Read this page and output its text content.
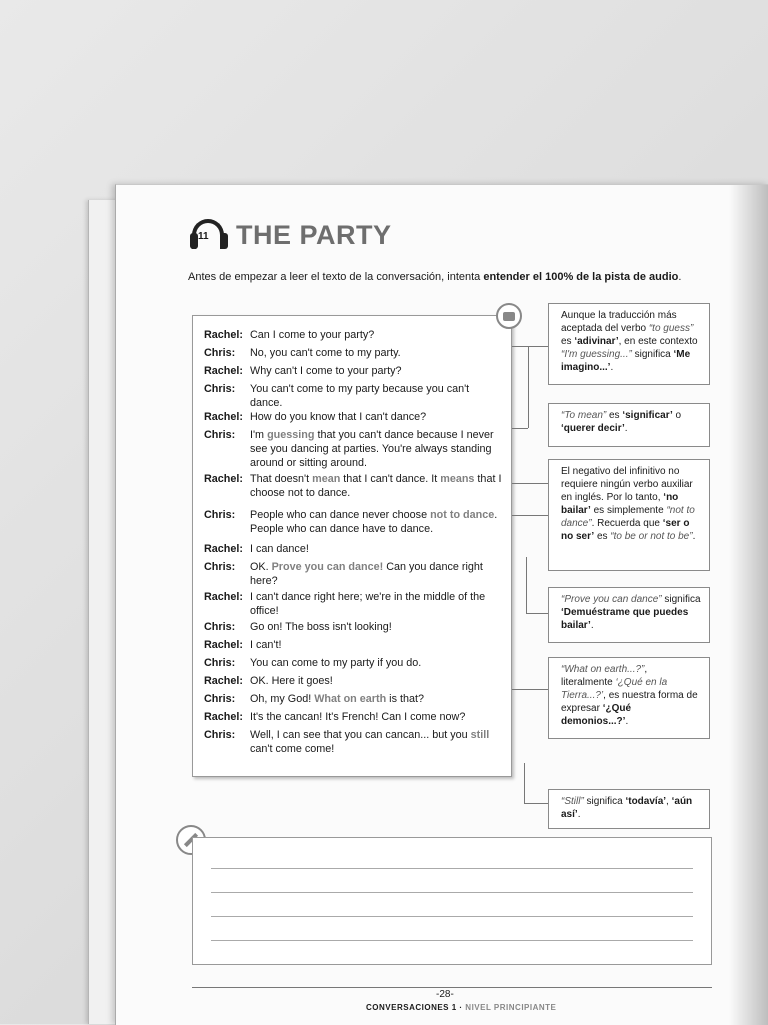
11 THE PARTY
Antes de empezar a leer el texto de la conversación, intenta entender el 100% de la pista de audio.
Rachel: Can I come to your party?
Chris: No, you can't come to my party.
Rachel: Why can't I come to your party?
Chris: You can't come to my party because you can't dance.
Rachel: How do you know that I can't dance?
Chris: I'm guessing that you can't dance because I never see you dancing at parties. You're always standing around or sitting around.
Rachel: That doesn't mean that I can't dance. It means that I choose not to dance.
Chris: People who can dance never choose not to dance. People who can dance have to dance.
Rachel: I can dance!
Chris: OK. Prove you can dance! Can you dance right here?
Rachel: I can't dance right here; we're in the middle of the office!
Chris: Go on! The boss isn't looking!
Rachel: I can't!
Chris: You can come to my party if you do.
Rachel: OK. Here it goes!
Chris: Oh, my God! What on earth is that?
Rachel: It's the cancan! It's French! Can I come now?
Chris: Well, I can see that you can cancan... but you still can't come come!
Aunque la traducción más aceptada del verbo “to guess” es ‘adivinar’, en este contexto “I'm guessing...” significa ‘Me imagino...’.
“To mean” es ‘significar’ o ‘querer decir’.
El negativo del infinitivo no requiere ningún verbo auxiliar en inglés. Por lo tanto, ‘no bailar’ es simplemente “not to dance”. Recuerda que ‘ser o no ser’ es “to be or not to be”.
“Prove you can dance” significa ‘Demuéstrame que puedes bailar’.
“What on earth...?”, literalmente ‘¿Qué en la Tierra...?’, es nuestra forma de expresar ‘¿Qué demonios...?’.
“Still” significa ‘todavía’, ‘aún así’.
-28-
CONVERSACIONES 1 · NIVEL PRINCIPIANTE
